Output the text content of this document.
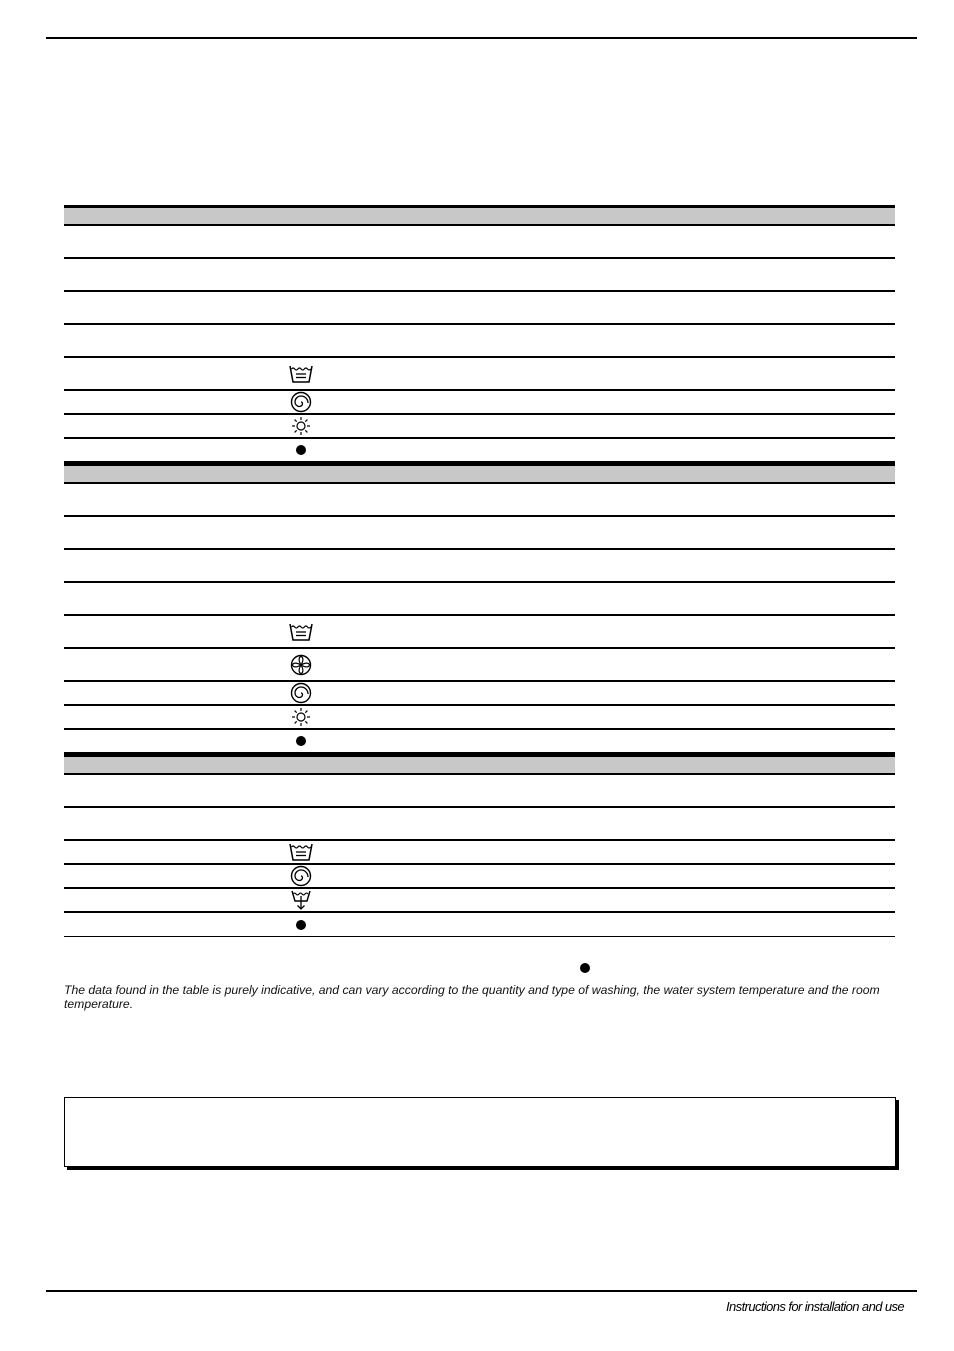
The data found in the table is purely indicative, and can vary according to the quantity and type of washing, the water system temperature and the room temperature.

Instructions for installation and use
